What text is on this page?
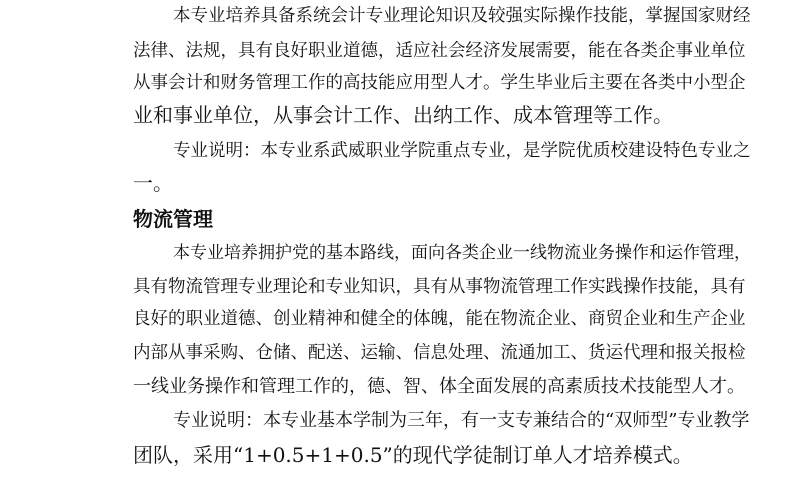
本专业培养具备系统会计专业理论知识及较强实际操作技能，掌握国家财经
法律、法规，具有良好职业道德，适应社会经济发展需要，能在各类企事业单位
从事会计和财务管理工作的高技能应用型人才。学生毕业后主要在各类中小型企
业和事业单位，从事会计工作、出纳工作、成本管理等工作。
专业说明：本专业系武威职业学院重点专业，是学院优质校建设特色专业之
一。
物流管理
本专业培养拥护党的基本路线，面向各类企业一线物流业务操作和运作管理，
具有物流管理专业理论和专业知识，具有从事物流管理工作实践操作技能，具有
良好的职业道德、创业精神和健全的体魄，能在物流企业、商贸企业和生产企业
内部从事采购、仓储、配送、运输、信息处理、流通加工、货运代理和报关报检
一线业务操作和管理工作的，德、智、体全面发展的高素质技术技能型人才。
专业说明：本专业基本学制为三年，有一支专兼结合的“双师型”专业教学
团队，采用“1+0.5+1+0.5”的现代学徒制订单人才培养模式。
